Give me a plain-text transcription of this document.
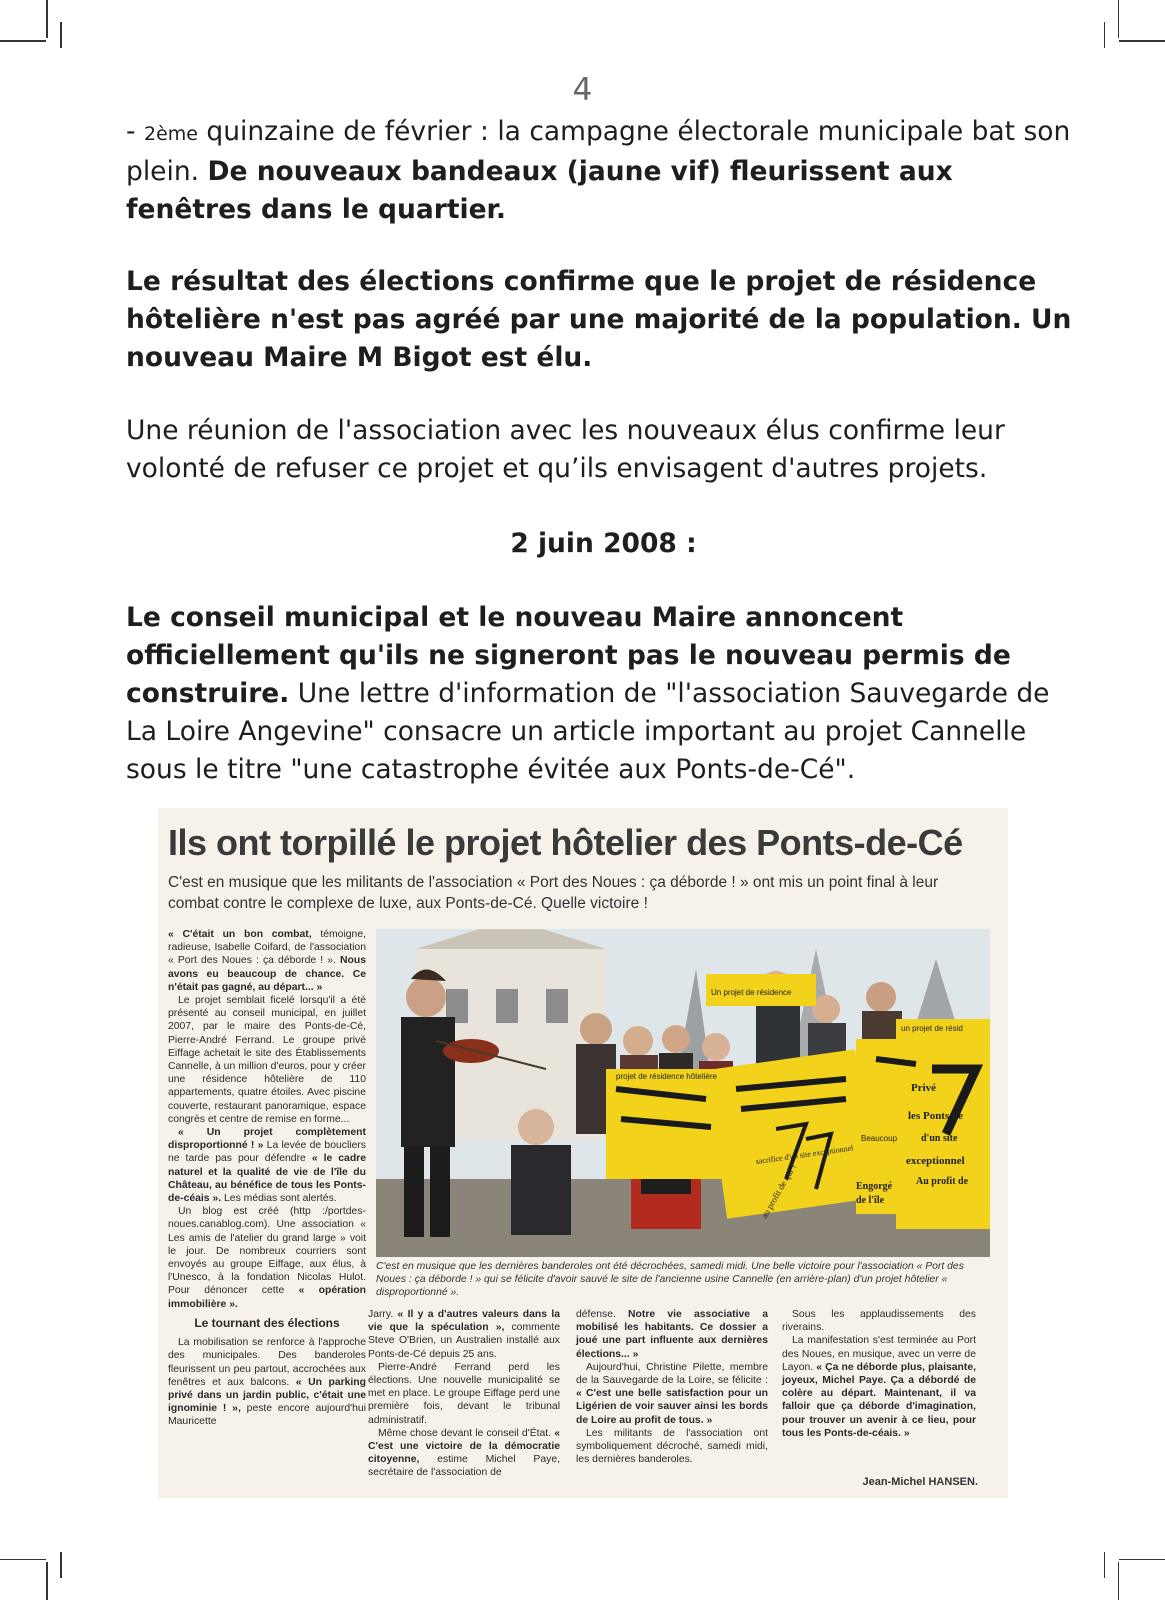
4

- 2ème quinzaine de février : la campagne électorale municipale bat son plein. De nouveaux bandeaux (jaune vif) fleurissent aux fenêtres dans le quartier.

Le résultat des élections confirme que le projet de résidence hôtelière n'est pas agréé par une majorité de la population. Un nouveau Maire M Bigot est élu.

Une réunion de l'association avec les nouveaux élus confirme leur volonté de refuser ce projet et qu’ils envisagent d'autres projets.

2 juin 2008 :

Le conseil municipal et le nouveau Maire annoncent officiellement qu'ils ne signeront pas le nouveau permis de construire. Une lettre d'information de "l'association Sauvegarde de La Loire Angevine" consacre un article important au projet Cannelle sous le titre "une catastrophe évitée aux Ponts-de-Cé".

Ils ont torpillé le projet hôtelier des Ponts-de-Cé
C'est en musique que les militants de l'association « Port des Noues : ça déborde ! » ont mis un point final à leur combat contre le complexe de luxe, aux Ponts-de-Cé. Quelle victoire !

« C'était un bon combat, témoigne, radieuse, Isabelle Coifard, de l'association « Port des Noues : ça déborde ! ». Nous avons eu beaucoup de chance. Ce n'était pas gagné, au départ... »

Le projet semblait ficelé lorsqu'il a été présenté au conseil municipal, en juillet 2007, par le maire des Ponts-de-Cé, Pierre-André Ferrand. Le groupe privé Eiffage achetait le site des Établissements Cannelle, à un million d'euros, pour y créer une résidence hôtelière de 110 appartements, quatre étoiles. Avec piscine couverte, restaurant panoramique, espace congrès et centre de remise en forme...

« Un projet complètement disproportionné ! » La levée de boucliers ne tarde pas pour défendre « le cadre naturel et la qualité de vie de l'île du Château, au bénéfice de tous les Ponts-de-céais ». Les médias sont alertés.

Un blog est créé (http :/portdes-noues.canablog.com). Une association « Les amis de l'atelier du grand large » voit le jour. De nombreux courriers sont envoyés au groupe Eiffage, aux élus, à l'Unesco, à la fondation Nicolas Hulot. Pour dénoncer cette « opération immobilière ».

Le tournant des élections

La mobilisation se renforce à l'approche des municipales. Des banderoles fleurissent un peu partout, accrochées aux fenêtres et aux balcons. « Un parking privé dans un jardin public, c'était une ignominie ! », peste encore aujourd'hui Mauricette

projet de résidence hôtelière
un projet de résid
Privé
les Ponts de
d'un site
exceptionnel
Au profit de
Engorgé
de l'île
Beaucoup
sacrifice d'un site exceptionnel
au profit de qui ?
Un projet de résidence
C'est en musique que les dernières banderoles ont été décrochées, samedi midi. Une belle victoire pour l'association « Port des Noues : ça déborde ! » qui se félicite d'avoir sauvé le site de l'ancienne usine Cannelle (en arrière-plan) d'un projet hôtelier « disproportionné ».

Jarry. « Il y a d'autres valeurs dans la vie que la spéculation », commente Steve O'Brien, un Australien installé aux Ponts-de-Cé depuis 25 ans.

Pierre-André Ferrand perd les élections. Une nouvelle municipalité se met en place. Le groupe Eiffage perd une première fois, devant le tribunal administratif.

Même chose devant le conseil d'État. « C'est une victoire de la démocratie citoyenne, estime Michel Paye, secrétaire de l'association de

défense. Notre vie associative a mobilisé les habitants. Ce dossier a joué une part influente aux dernières élections... »

Aujourd'hui, Christine Pilette, membre de la Sauvegarde de la Loire, se félicite : « C'est une belle satisfaction pour un Ligérien de voir sauver ainsi les bords de Loire au profit de tous. »

Les militants de l'association ont symboliquement décroché, samedi midi, les dernières banderoles.

Sous les applaudissements des riverains.

La manifestation s'est terminée au Port des Noues, en musique, avec un verre de Layon. « Ça ne déborde plus, plaisante, joyeux, Michel Paye. Ça a débordé de colère au départ. Maintenant, il va falloir que ça déborde d'imagination, pour trouver un avenir à ce lieu, pour tous les Ponts-de-céais. »

Jean-Michel HANSEN.
